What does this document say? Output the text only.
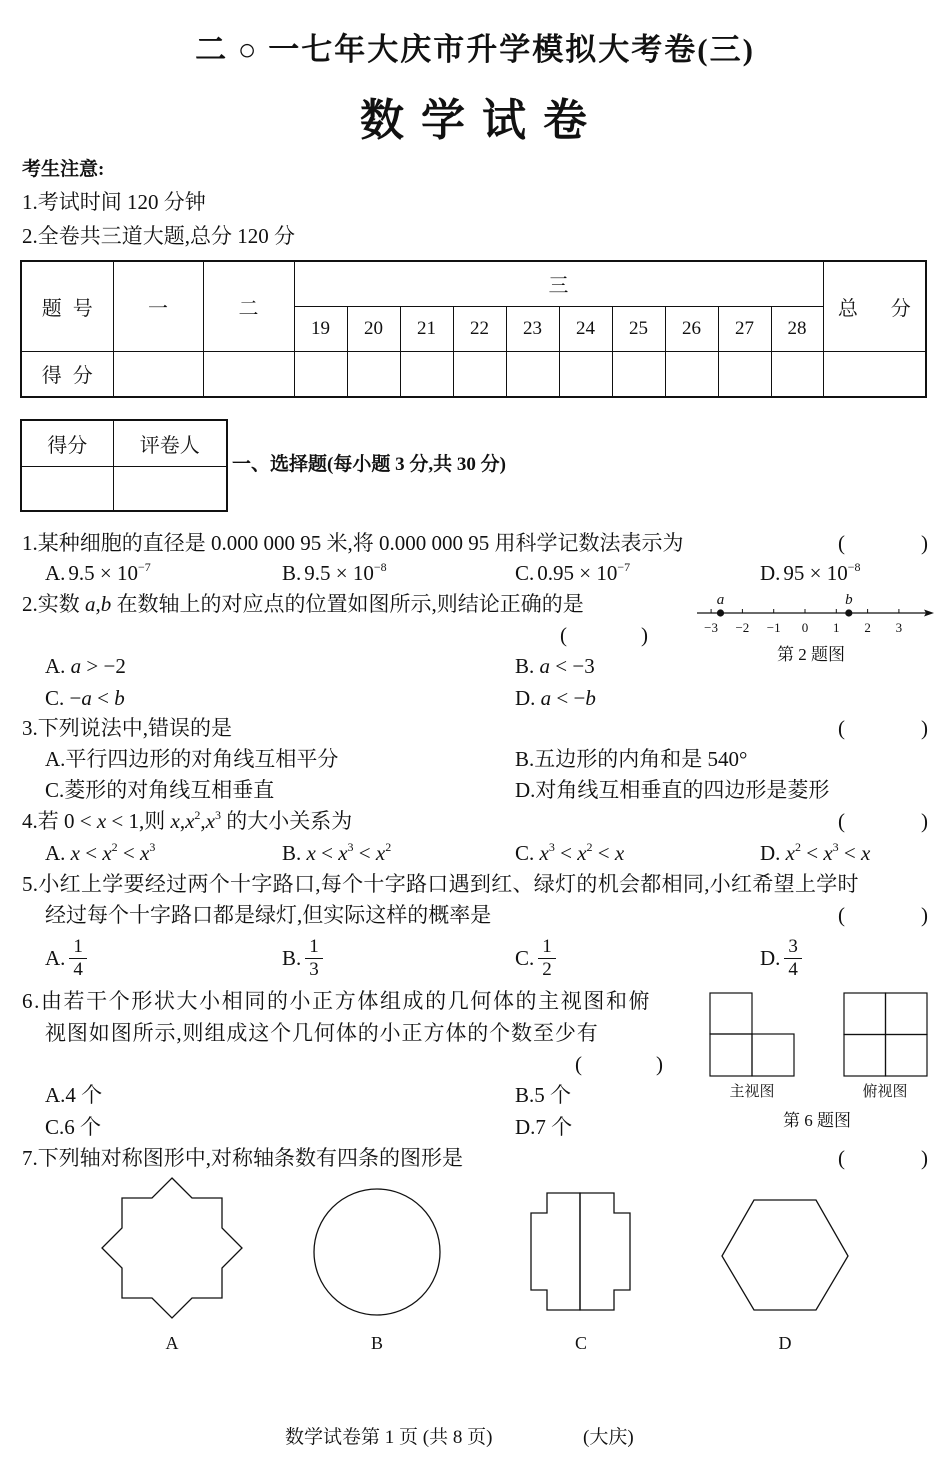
二 ○ 一七年大庆市升学模拟大考卷(三)
数 学 试 卷
考生注意:
1.考试时间 120 分钟
2.全卷共三道大题,总分 120 分
题 号	一	二	三										总 分
			19	20	21	22	23	24	25	26	27	28	
得 分													
得分	评卷人

一、选择题(每小题 3 分,共 30 分)
1.某种细胞的直径是 0.000 000 95 米,将 0.000 000 95 用科学记数法表示为	(	)
A. $9.5 \times 10^{-7}$	B. $9.5 \times 10^{-8}$	C. $0.95 \times 10^{-7}$	D. $95 \times 10^{-8}$
2.实数 a,b 在数轴上的对应点的位置如图所示,则结论正确的是
(	)	−3 −2 −1 0 1 2 3
a	b
第 2 题图
A. a > −2	B. a < −3
C. −a < b	D. a < −b
3.下列说法中,错误的是	(	)
A.平行四边形的对角线互相平分	B.五边形的内角和是 540°
C.菱形的对角线互相垂直	D.对角线互相垂直的四边形是菱形
4.若 0 < x < 1,则 $x,x^2,x^3$ 的大小关系为	(	)
A. $x < x^2 < x^3$	B. $x < x^3 < x^2$	C. $x^3 < x^2 < x$	D. $x^2 < x^3 < x$
5.小红上学要经过两个十字路口,每个十字路口遇到红、绿灯的机会都相同,小红希望上学时
经过每个十字路口都是绿灯,但实际这样的概率是	(	)
A. $\frac{1}{4}$	B. $\frac{1}{3}$	C. $\frac{1}{2}$	D. $\frac{3}{4}$
6.由若干个形状大小相同的小正方体组成的几何体的主视图和俯
视图如图所示,则组成这个几何体的小正方体的个数至少有
(	)
主视图	俯视图
第 6 题图
A.4 个	B.5 个
C.6 个	D.7 个
7.下列轴对称图形中,对称轴条数有四条的图形是	(	)
A	B	C	D
数学试卷第 1 页 (共 8 页)	(大庆)
